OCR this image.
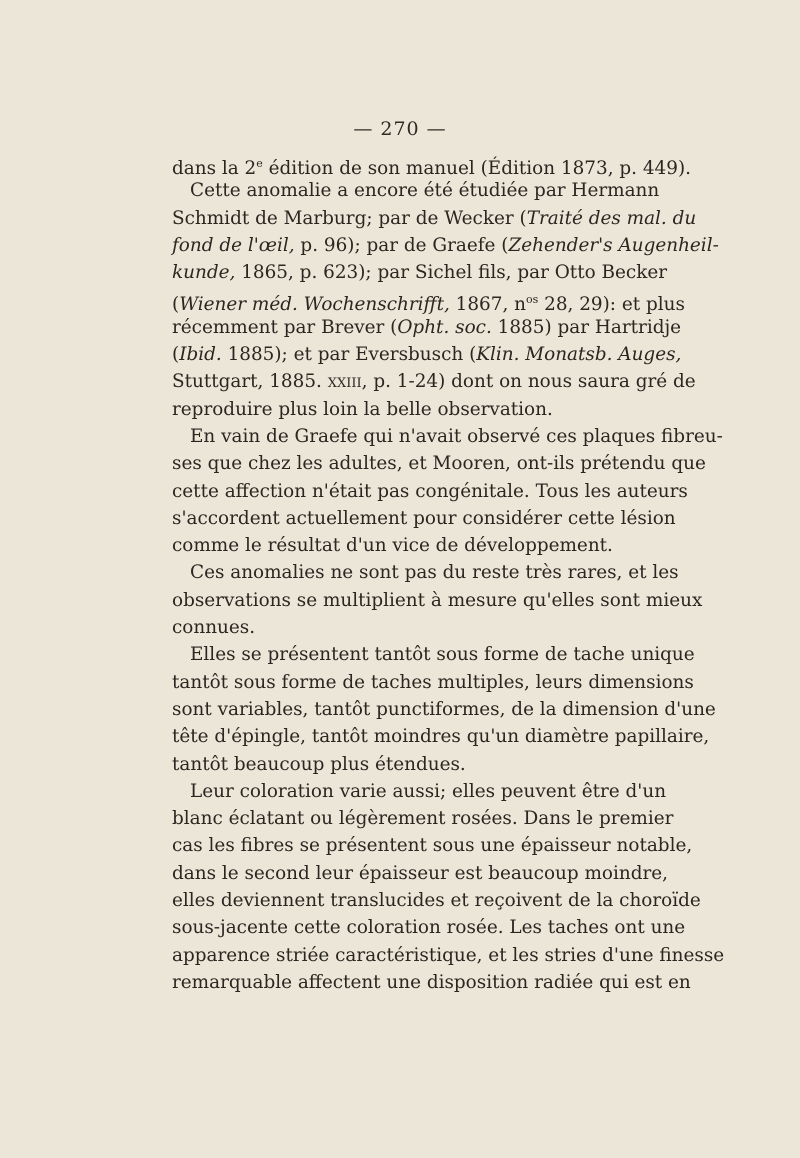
— 270 —
dans la 2e édition de son manuel (Édition 1873, p. 449).
Cette anomalie a encore été étudiée par Hermann
Schmidt de Marburg; par de Wecker (Traité des mal. du
fond de l'œil, p. 96); par de Graefe (Zehender's Augenheil-
kunde, 1865, p. 623); par Sichel fils, par Otto Becker
(Wiener méd. Wochenschrifft, 1867, $n^{os}$ 28, 29): et plus
récemment par Brever (Opht. soc. 1885) par Hartridje
(Ibid. 1885); et par Eversbusch (Klin. Monatsb. Auges,
Stuttgart, 1885. xxiii, p. 1-24) dont on nous saura gré de
reproduire plus loin la belle observation.
En vain de Graefe qui n'avait observé ces plaques fibreu-
ses que chez les adultes, et Mooren, ont-ils prétendu que
cette affection n'était pas congénitale. Tous les auteurs
s'accordent actuellement pour considérer cette lésion
comme le résultat d'un vice de développement.
Ces anomalies ne sont pas du reste très rares, et les
observations se multiplient à mesure qu'elles sont mieux
connues.
Elles se présentent tantôt sous forme de tache unique
tantôt sous forme de taches multiples, leurs dimensions
sont variables, tantôt punctiformes, de la dimension d'une
tête d'épingle, tantôt moindres qu'un diamètre papillaire,
tantôt beaucoup plus étendues.
Leur coloration varie aussi; elles peuvent être d'un
blanc éclatant ou légèrement rosées. Dans le premier
cas les fibres se présentent sous une épaisseur notable,
dans le second leur épaisseur est beaucoup moindre,
elles deviennent translucides et reçoivent de la choroïde
sous-jacente cette coloration rosée. Les taches ont une
apparence striée caractéristique, et les stries d'une finesse
remarquable affectent une disposition radiée qui est en
